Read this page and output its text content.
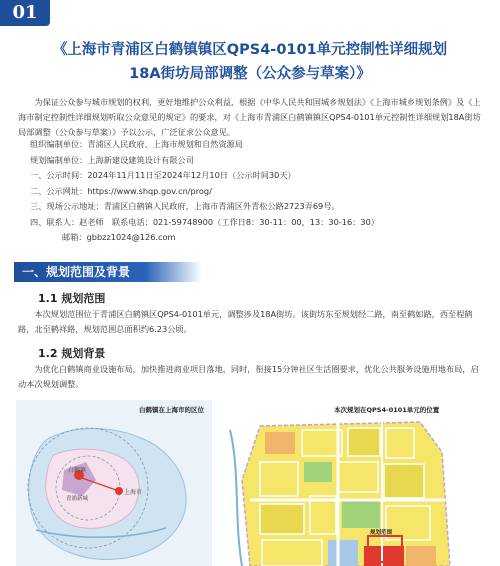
01
《上海市青浦区白鹤镇镇区QPS4-0101单元控制性详细规划
18A街坊局部调整（公众参与草案）》
为保证公众参与城市规划的权利，更好地维护公众利益，根据《中华人民共和国城乡规划法》《上海市城乡规划条例》及《上海市制定控制性详细规划听取公众意见的规定》的要求，对《上海市青浦区白鹤镇镇区QPS4-0101单元控制性详细规划18A街坊局部调整（公众参与草案）》予以公示，广泛征求公众意见。
组织编制单位：青浦区人民政府、上海市规划和自然资源局
规划编制单位：上海新建设建筑设计有限公司
一、公示时间：2024年11月11日至2024年12月10日（公示时间30天）
二、公示网址：https://www.shqp.gov.cn/prog/
三、现场公示地址：青浦区白鹤镇人民政府，上海市青浦区外青松公路2723弄69号。
四、联系人：赵老师　联系电话：021-59748900（工作日8：30-11：00，13：30-16：30）
邮箱：gbbzz1024@126.com
一、规划范围及背景
1.1 规划范围
本次规划范围位于青浦区白鹤镇区QPS4-0101单元，调整涉及18A街坊。该街坊东至规划经二路，南至鹤如路，西至程鹤路，北至鹤祥路，规划范围总面积约6.23公顷。
1.2 规划背景
为优化白鹤镇商业设施布局，加快推进商业项目落地，同时，衔接15分钟社区生活圈要求，优化公共服务设施用地布局，启动本次规划调整。
白鹤镇在上海市的区位
白鹤镇
上海市
青浦新城
本次规划在QPS4-0101单元的位置
规划范围
